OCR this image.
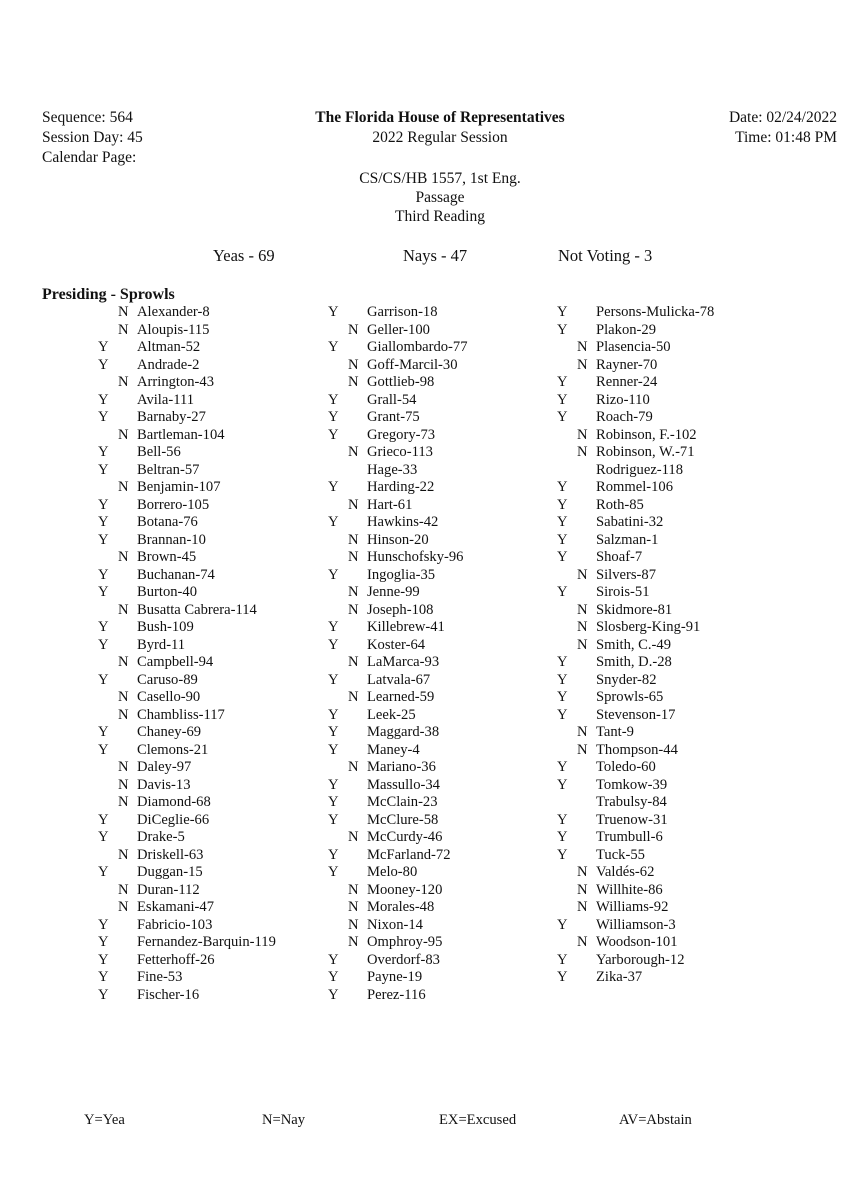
Sequence: 564
Session Day: 45
Calendar Page:
The Florida House of Representatives
2022 Regular Session
Date: 02/24/2022
Time: 01:48 PM
CS/CS/HB 1557, 1st Eng.
Passage
Third Reading
Yeas - 69	Nays - 47	Not Voting - 3
Presiding - Sprowls
N Alexander-8
N Aloupis-115
Y Altman-52
Y Andrade-2
N Arrington-43
Y Avila-111
Y Barnaby-27
N Bartleman-104
Y Bell-56
Y Beltran-57
N Benjamin-107
Y Borrero-105
Y Botana-76
Y Brannan-10
N Brown-45
Y Buchanan-74
Y Burton-40
N Busatta Cabrera-114
Y Bush-109
Y Byrd-11
N Campbell-94
Y Caruso-89
N Casello-90
N Chambliss-117
Y Chaney-69
Y Clemons-21
N Daley-97
N Davis-13
N Diamond-68
Y DiCeglie-66
Y Drake-5
N Driskell-63
Y Duggan-15
N Duran-112
N Eskamani-47
Y Fabricio-103
Y Fernandez-Barquin-119
Y Fetterhoff-26
Y Fine-53
Y Fischer-16
Y Garrison-18
N Geller-100
Y Giallombardo-77
N Goff-Marcil-30
N Gottlieb-98
Y Grall-54
Y Grant-75
Y Gregory-73
N Grieco-113
Hage-33
Y Harding-22
N Hart-61
Y Hawkins-42
N Hinson-20
N Hunschofsky-96
Y Ingoglia-35
N Jenne-99
N Joseph-108
Y Killebrew-41
Y Koster-64
N LaMarca-93
Y Latvala-67
N Learned-59
Y Leek-25
Y Maggard-38
Y Maney-4
N Mariano-36
Y Massullo-34
Y McClain-23
Y McClure-58
N McCurdy-46
Y McFarland-72
Y Melo-80
N Mooney-120
N Morales-48
N Nixon-14
N Omphroy-95
Y Overdorf-83
Y Payne-19
Y Perez-116
Y Persons-Mulicka-78
Y Plakon-29
N Plasencia-50
N Rayner-70
Y Renner-24
Y Rizo-110
Y Roach-79
N Robinson, F.-102
N Robinson, W.-71
Rodriguez-118
Y Rommel-106
Y Roth-85
Y Sabatini-32
Y Salzman-1
Y Shoaf-7
N Silvers-87
Y Sirois-51
N Skidmore-81
N Slosberg-King-91
N Smith, C.-49
Y Smith, D.-28
Y Snyder-82
Y Sprowls-65
Y Stevenson-17
N Tant-9
N Thompson-44
Y Toledo-60
Y Tomkow-39
Trabulsy-84
Y Truenow-31
Y Trumbull-6
Y Tuck-55
N Valdés-62
N Willhite-86
N Williams-92
Y Williamson-3
N Woodson-101
Y Yarborough-12
Y Zika-37
Y=Yea	N=Nay	EX=Excused	AV=Abstain
